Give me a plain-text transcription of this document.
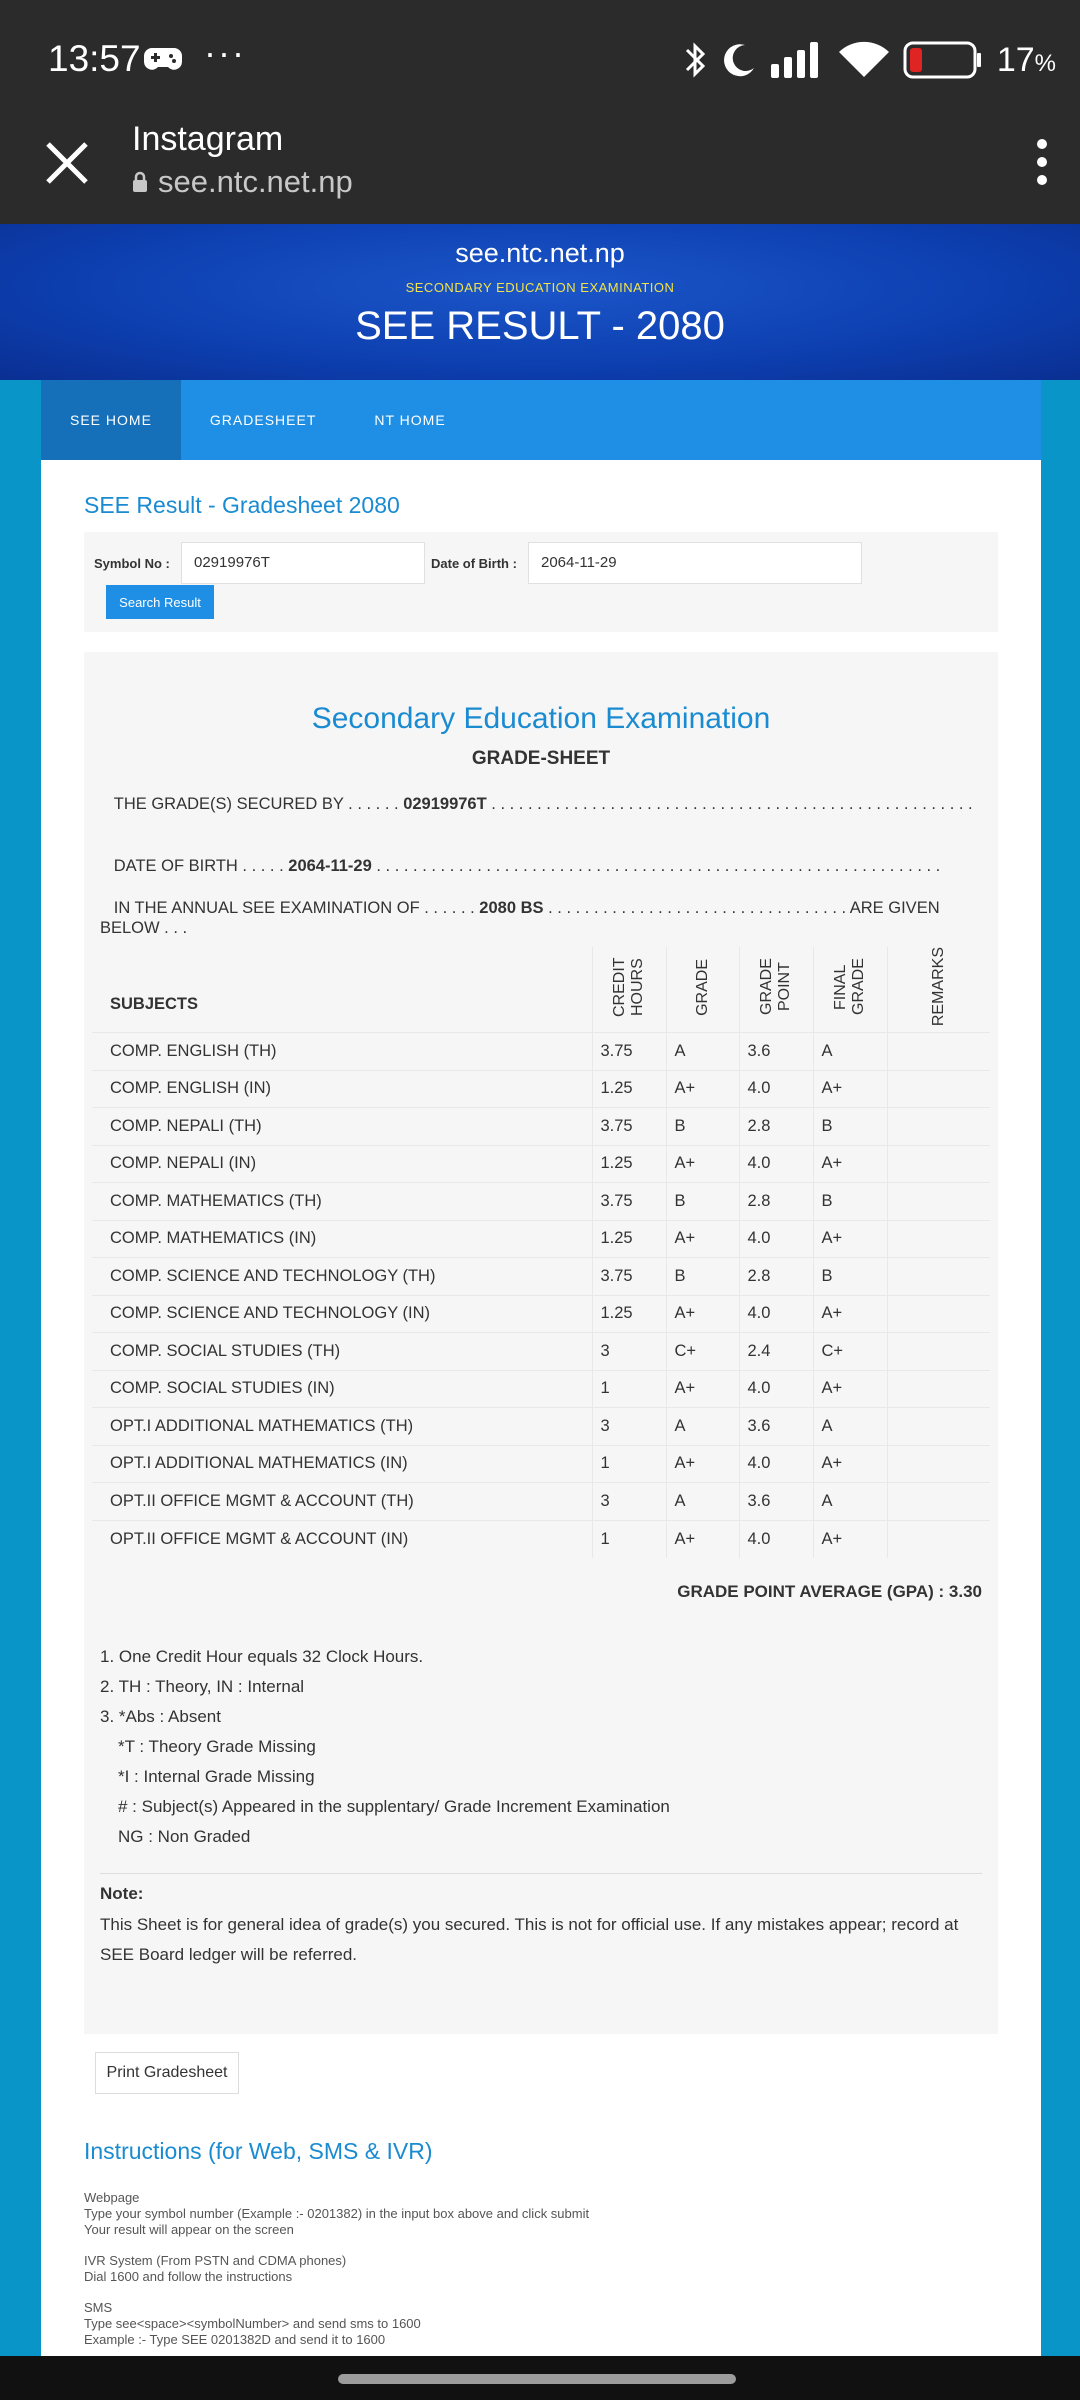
13:57 ···	17%
Instagram
see.ntc.net.np
see.ntc.net.np
SECONDARY EDUCATION EXAMINATION
SEE RESULT - 2080
SEE HOME	GRADESHEET	NT HOME
SEE Result - Gradesheet 2080
Symbol No :	02919976T	Date of Birth :	2064-11-29
Search Result
Secondary Education Examination
GRADE-SHEET
THE GRADE(S) SECURED BY . . . . . . 02919976T . . . . . . . . . . . . . . . . . . . . . . . . . . . . . . . . . . . . . . . . . . . . . . . . . . . . .
DATE OF BIRTH . . . . . 2064-11-29 . . . . . . . . . . . . . . . . . . . . . . . . . . . . . . . . . . . . . . . . . . . . . . . . . . . . . . . . . . . . . .
IN THE ANNUAL SEE EXAMINATION OF . . . . . . 2080 BS . . . . . . . . . . . . . . . . . . . . . . . . . . . . . . . . . ARE GIVEN BELOW . . .
SUBJECTS	CREDIT HOURS	GRADE	GRADE POINT	FINAL GRADE	REMARKS
COMP. ENGLISH (TH)	3.75	A	3.6	A	
COMP. ENGLISH (IN)	1.25	A+	4.0	A+	
COMP. NEPALI (TH)	3.75	B	2.8	B	
COMP. NEPALI (IN)	1.25	A+	4.0	A+	
COMP. MATHEMATICS (TH)	3.75	B	2.8	B	
COMP. MATHEMATICS (IN)	1.25	A+	4.0	A+	
COMP. SCIENCE AND TECHNOLOGY (TH)	3.75	B	2.8	B	
COMP. SCIENCE AND TECHNOLOGY (IN)	1.25	A+	4.0	A+	
COMP. SOCIAL STUDIES (TH)	3	C+	2.4	C+	
COMP. SOCIAL STUDIES (IN)	1	A+	4.0	A+	
OPT.I ADDITIONAL MATHEMATICS (TH)	3	A	3.6	A	
OPT.I ADDITIONAL MATHEMATICS (IN)	1	A+	4.0	A+	
OPT.II OFFICE MGMT & ACCOUNT (TH)	3	A	3.6	A	
OPT.II OFFICE MGMT & ACCOUNT (IN)	1	A+	4.0	A+	
GRADE POINT AVERAGE (GPA) : 3.30
1. One Credit Hour equals 32 Clock Hours.
2. TH : Theory, IN : Internal
3. *Abs : Absent
*T : Theory Grade Missing
*I : Internal Grade Missing
# : Subject(s) Appeared in the supplentary/ Grade Increment Examination
NG : Non Graded
Note:
This Sheet is for general idea of grade(s) you secured. This is not for official use. If any mistakes appear; record at SEE Board ledger will be referred.
Print Gradesheet
Instructions (for Web, SMS & IVR)

Webpage
Type your symbol number (Example :- 0201382) in the input box above and click submit
Your result will appear on the screen

IVR System (From PSTN and CDMA phones)
Dial 1600 and follow the instructions

SMS
Type see<space><symbolNumber> and send sms to 1600
Example :- Type SEE 0201382D and send it to 1600
